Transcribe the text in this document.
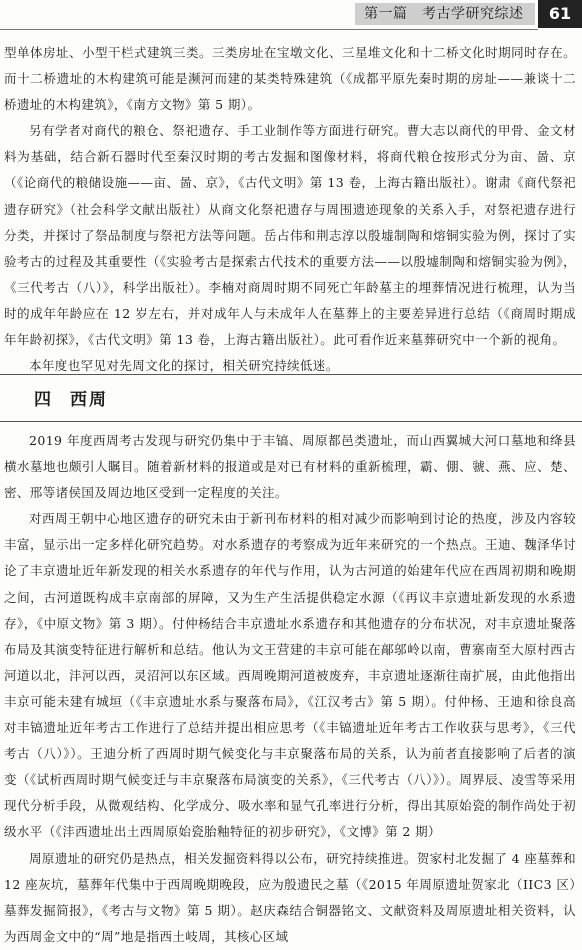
第一篇　考古学研究综述	61

型单体房址、小型干栏式建筑三类。三类房址在宝墩文化、三星堆文化和十二桥文化时期同时存在。而十二桥遗址的木构建筑可能是濒河而建的某类特殊建筑（《成都平原先秦时期的房址——兼谈十二桥遗址的木构建筑》，《南方文物》第 5 期）。

另有学者对商代的粮仓、祭祀遗存、手工业制作等方面进行研究。曹大志以商代的甲骨、金文材料为基础，结合新石器时代至秦汉时期的考古发掘和图像材料，将商代粮仓按形式分为亩、啚、京（《论商代的粮储设施——亩、啚、京》，《古代文明》第 13 卷，上海古籍出版社）。谢肃《商代祭祀遗存研究》（社会科学文献出版社）从商文化祭祀遗存与周围遗迹现象的关系入手，对祭祀遗存进行分类，并探讨了祭品制度与祭祀方法等问题。岳占伟和荆志淳以殷墟制陶和熔铜实验为例，探讨了实验考古的过程及其重要性（《实验考古是探索古代技术的重要方法——以殷墟制陶和熔铜实验为例》，《三代考古（八）》，科学出版社）。李楠对商周时期不同死亡年龄墓主的埋葬情况进行梳理，认为当时的成年年龄应在 12 岁左右，并对成年人与未成年人在墓葬上的主要差异进行总结（《商周时期成年年龄初探》，《古代文明》第 13 卷，上海古籍出版社）。此可看作近来墓葬研究中一个新的视角。

本年度也罕见对先周文化的探讨，相关研究持续低迷。

四 西周

2019 年度西周考古发现与研究仍集中于丰镐、周原都邑类遗址，而山西翼城大河口墓地和绛县横水墓地也颇引人瞩目。随着新材料的报道或是对已有材料的重新梳理，霸、倗、虢、燕、应、楚、密、邢等诸侯国及周边地区受到一定程度的关注。

对西周王朝中心地区遗存的研究未由于新刊布材料的相对减少而影响到讨论的热度，涉及内容较丰富，显示出一定多样化研究趋势。对水系遗存的考察成为近年来研究的一个热点。王迪、魏泽华讨论了丰京遗址近年新发现的相关水系遗存的年代与作用，认为古河道的始建年代应在西周初期和晚期之间，古河道既构成丰京南部的屏障，又为生产生活提供稳定水源（《再议丰京遗址新发现的水系遗存》，《中原文物》第 3 期）。付仲杨结合丰京遗址水系遗存和其他遗存的分布状况，对丰京遗址聚落布局及其演变特征进行解析和总结。他认为文王营建的丰京可能在鄗邬岭以南，曹寨南至大原村西古河道以北，沣河以西，灵沼河以东区域。西周晚期河道被废弃，丰京遗址逐渐往南扩展，由此他指出丰京可能未建有城垣（《丰京遗址水系与聚落布局》，《江汉考古》第 5 期）。付仲杨、王迪和徐良高对丰镐遗址近年考古工作进行了总结并提出相应思考（《丰镐遗址近年考古工作收获与思考》，《三代考古（八）》）。王迪分析了西周时期气候变化与丰京聚落布局的关系，认为前者直接影响了后者的演变（《试析西周时期气候变迁与丰京聚落布局演变的关系》，《三代考古（八）》）。周界辰、凌雪等采用现代分析手段，从微观结构、化学成分、吸水率和显气孔率进行分析，得出其原始瓷的制作尚处于初级水平（《沣西遗址出土西周原始瓷胎釉特征的初步研究》，《文博》第 2 期）

周原遗址的研究仍是热点，相关发掘资料得以公布，研究持续推进。贺家村北发掘了 4 座墓葬和 12 座灰坑，墓葬年代集中于西周晚期晚段，应为殷遗民之墓（《2015 年周原遗址贺家北（IIC3 区）墓葬发掘简报》，《考古与文物》第 5 期）。赵庆森结合铜器铭文、文献资料及周原遗址相关资料，认为西周金文中的“周”地是指西土岐周，其核心区域
